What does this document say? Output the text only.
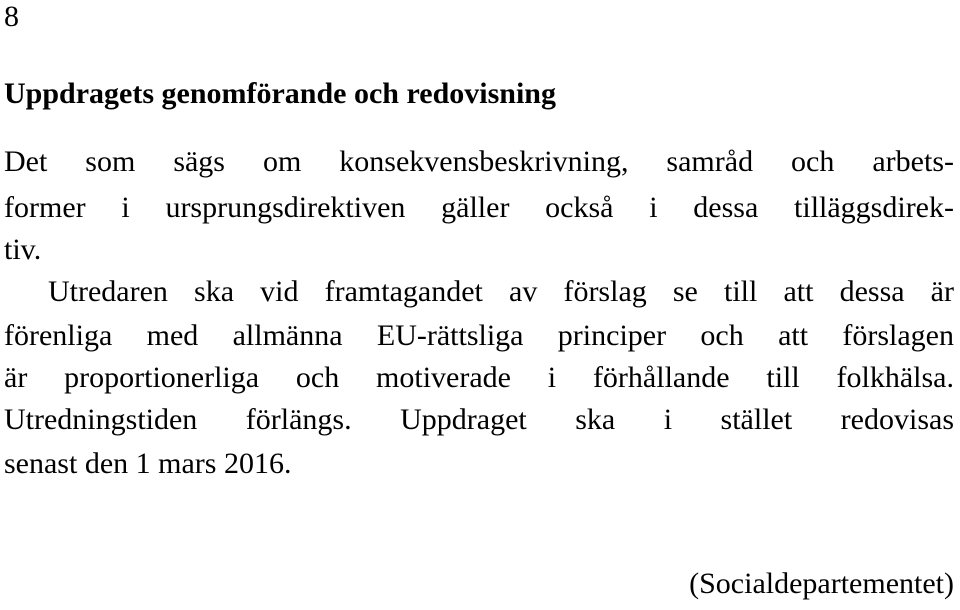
8
Uppdragets genomförande och redovisning
Det som sägs om konsekvensbeskrivning, samråd och arbets-
former i ursprungsdirektiven gäller också i dessa tilläggsdirek-
tiv.
Utredaren ska vid framtagandet av förslag se till att dessa är
förenliga med allmänna EU-rättsliga principer och att förslagen
är proportionerliga och motiverade i förhållande till folkhälsa.
Utredningstiden förlängs. Uppdraget ska i stället redovisas
senast den 1 mars 2016.
(Socialdepartementet)
